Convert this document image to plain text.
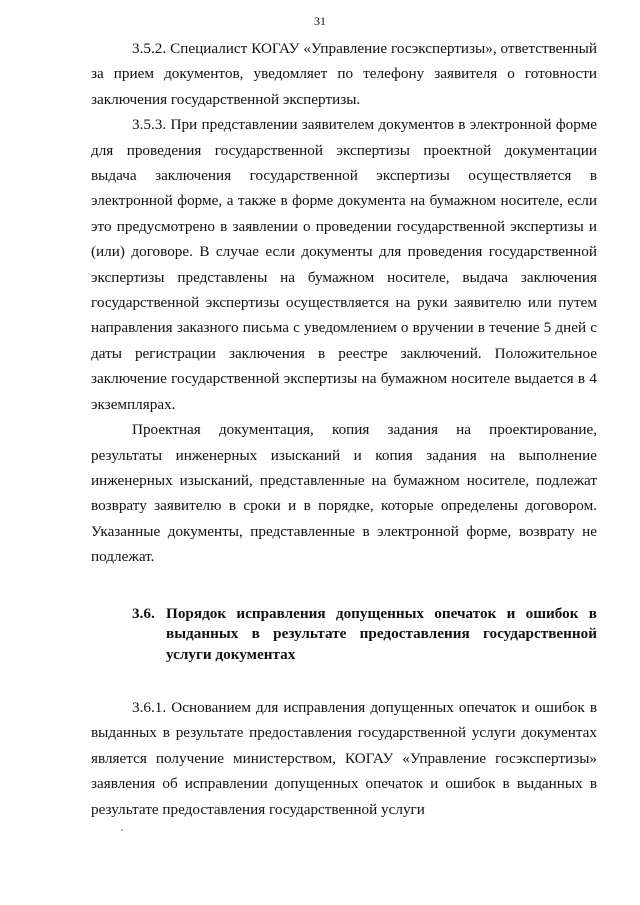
31

3.5.2. Специалист КОГАУ «Управление госэкспертизы», ответственный за прием документов, уведомляет по телефону заявителя о готовности заключения государственной экспертизы.

3.5.3. При представлении заявителем документов в электронной форме для проведения государственной экспертизы проектной документации выдача заключения государственной экспертизы осуществляется в электронной форме, а также в форме документа на бумажном носителе, если это предусмотрено в заявлении о проведении государственной экспертизы и (или) договоре. В случае если документы для проведения государственной экспертизы представлены на бумажном носителе, выдача заключения государственной экспертизы осуществляется на руки заявителю или путем направления заказного письма с уведомлением о вручении в течение 5 дней с даты регистрации заключения в реестре заключений. Положительное заключение государственной экспертизы на бумажном носителе выдается в 4 экземплярах.

Проектная документация, копия задания на проектирование, результаты инженерных изысканий и копия задания на выполнение инженерных изысканий, представленные на бумажном носителе, подлежат возврату заявителю в сроки и в порядке, которые определены договором. Указанные документы, представленные в электронной форме, возврату не подлежат.

3.6. Порядок исправления допущенных опечаток и ошибок в выданных в результате предоставления государственной услуги документах

3.6.1. Основанием для исправления допущенных опечаток и ошибок в выданных в результате предоставления государственной услуги документах является получение министерством, КОГАУ «Управление госэкспертизы» заявления об исправлении допущенных опечаток и ошибок в выданных в результате предоставления государственной услуги
